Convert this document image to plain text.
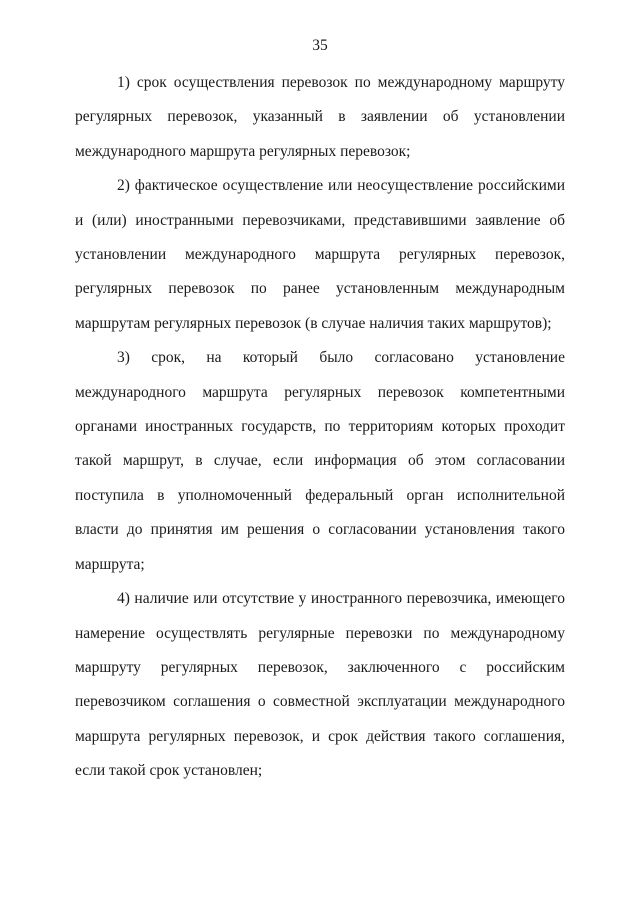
35

1) срок осуществления перевозок по международному маршруту регулярных перевозок, указанный в заявлении об установлении международного маршрута регулярных перевозок;

2) фактическое осуществление или неосуществление российскими и (или) иностранными перевозчиками, представившими заявление об установлении международного маршрута регулярных перевозок, регулярных перевозок по ранее установленным международным маршрутам регулярных перевозок (в случае наличия таких маршрутов);

3) срок, на который было согласовано установление международного маршрута регулярных перевозок компетентными органами иностранных государств, по территориям которых проходит такой маршрут, в случае, если информация об этом согласовании поступила в уполномоченный федеральный орган исполнительной власти до принятия им решения о согласовании установления такого маршрута;

4) наличие или отсутствие у иностранного перевозчика, имеющего намерение осуществлять регулярные перевозки по международному маршруту регулярных перевозок, заключенного с российским перевозчиком соглашения о совместной эксплуатации международного маршрута регулярных перевозок, и срок действия такого соглашения, если такой срок установлен;
